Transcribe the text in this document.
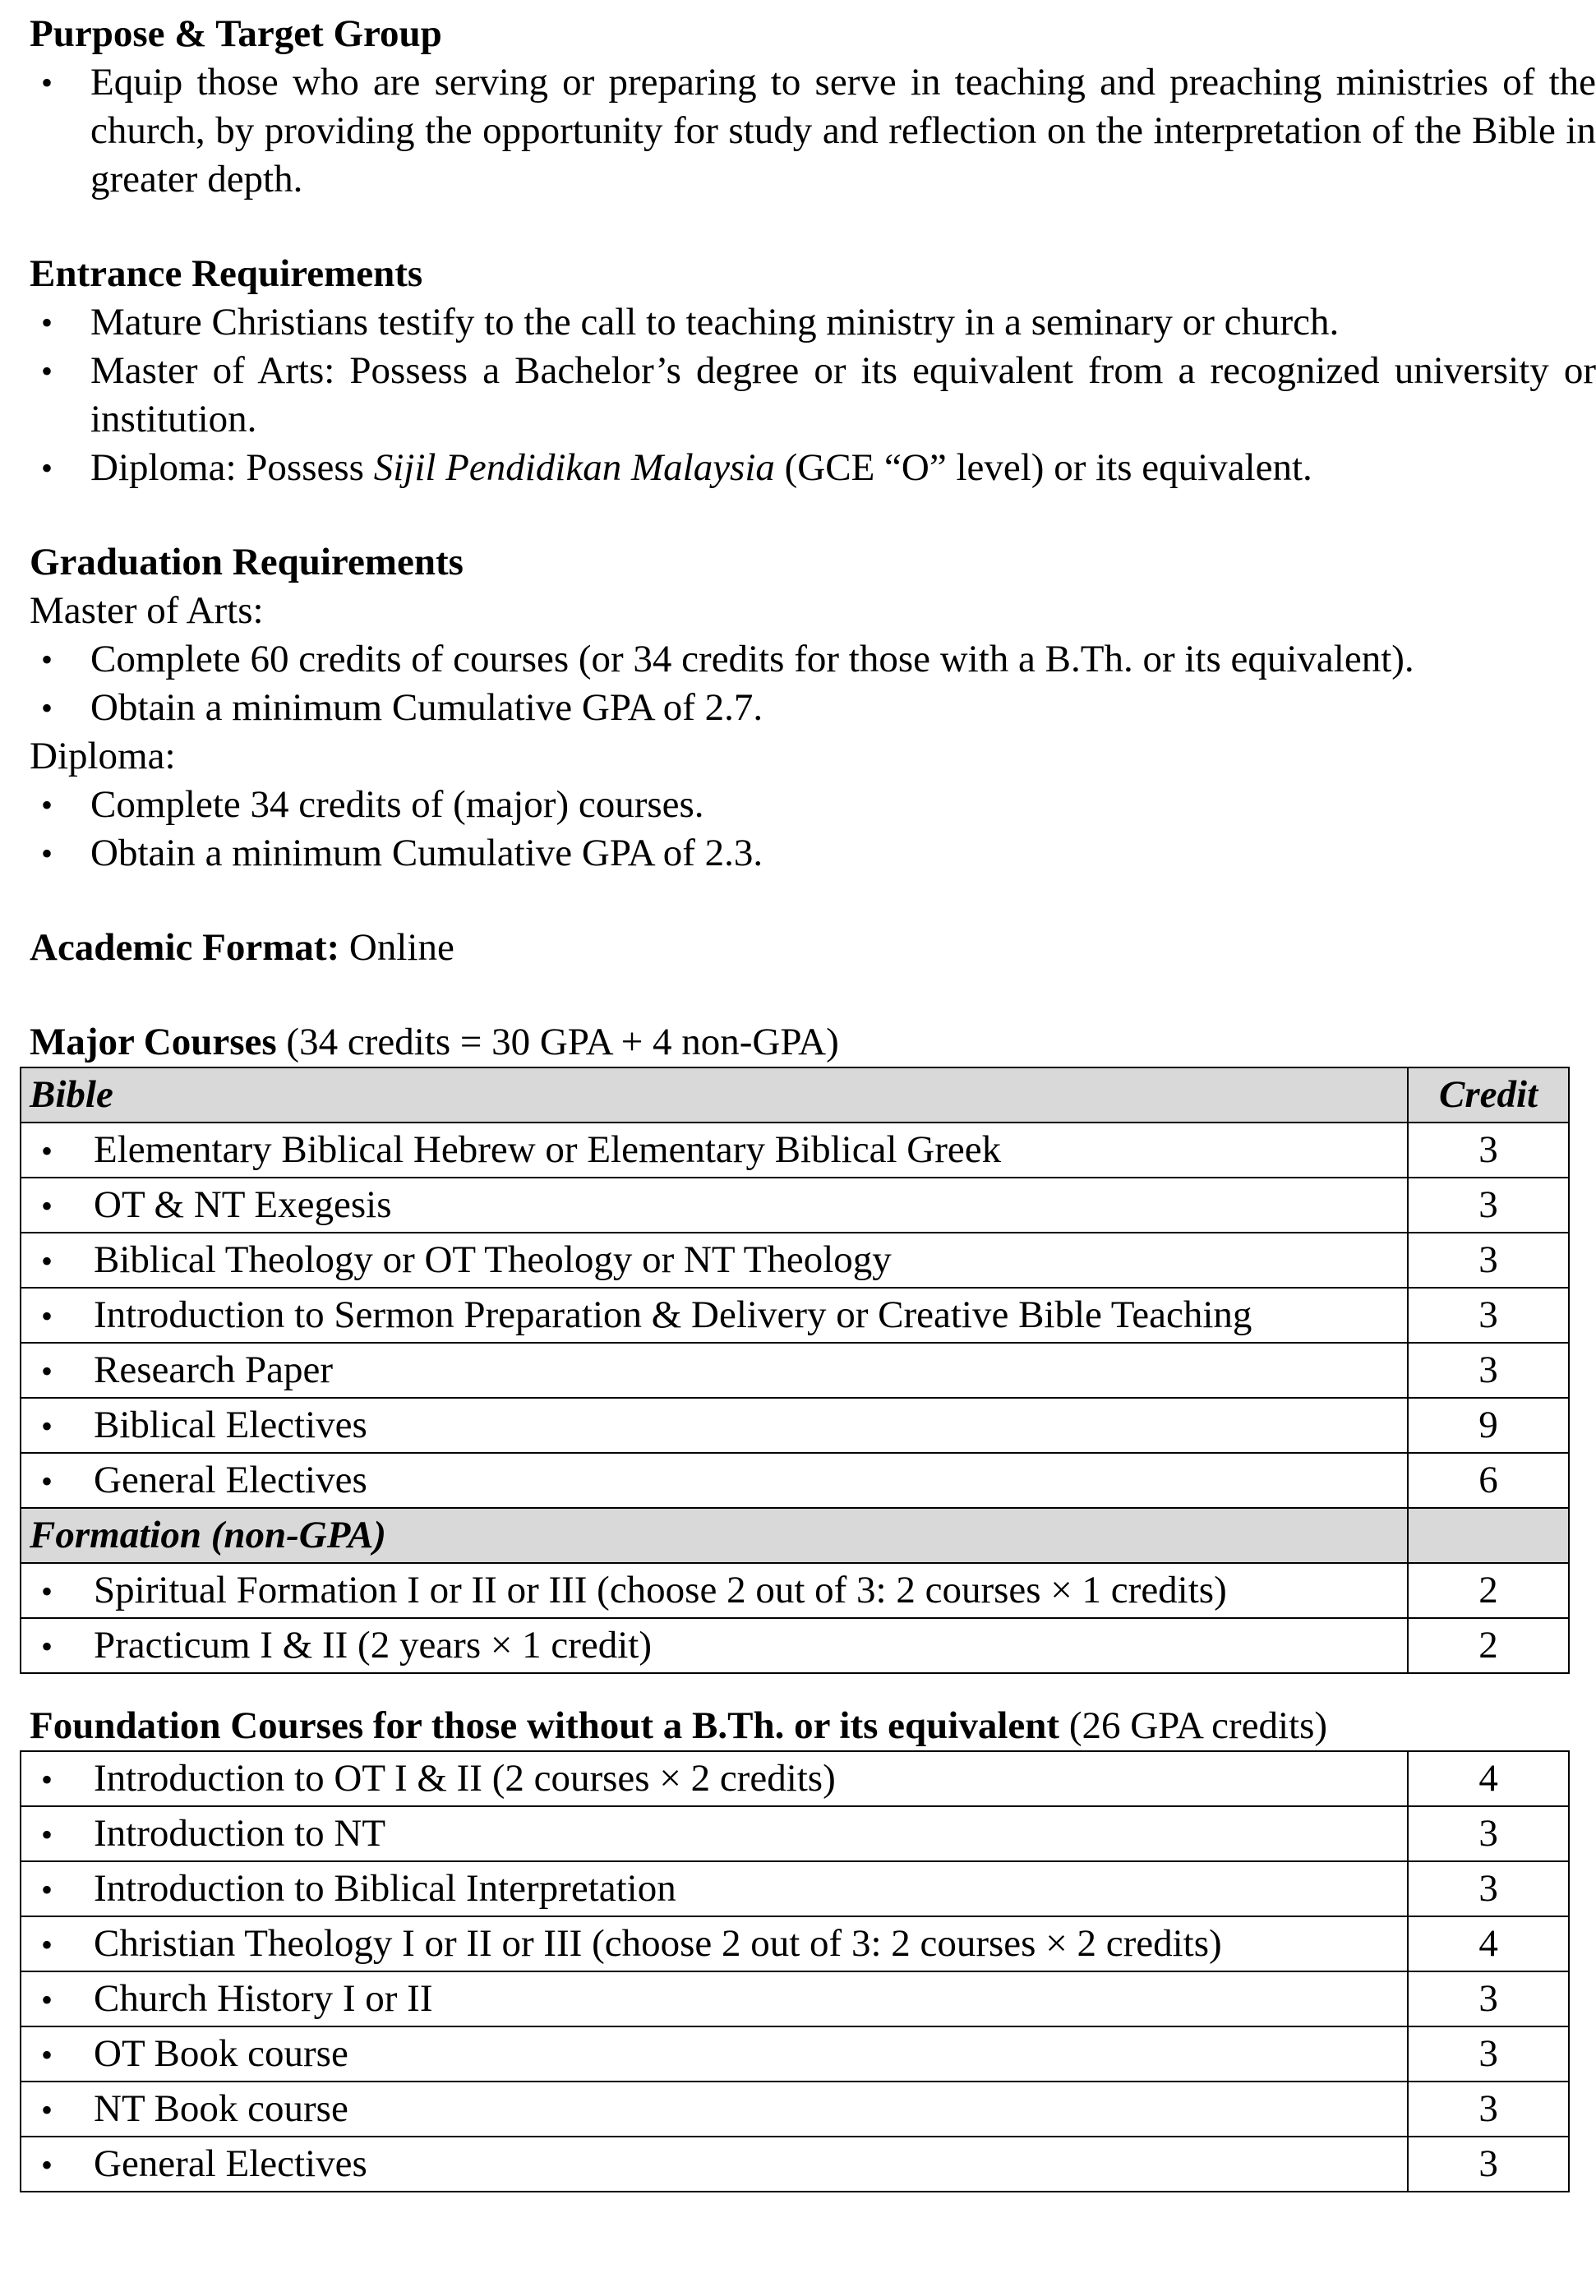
Purpose & Target Group

• Equip those who are serving or preparing to serve in teaching and preaching ministries of the church, by providing the opportunity for study and reflection on the interpretation of the Bible in greater depth.

Entrance Requirements

• Mature Christians testify to the call to teaching ministry in a seminary or church.
• Master of Arts: Possess a Bachelor’s degree or its equivalent from a recognized university or institution.
• Diploma: Possess Sijil Pendidikan Malaysia (GCE “O” level) or its equivalent.

Graduation Requirements

Master of Arts:

• Complete 60 credits of courses (or 34 credits for those with a B.Th. or its equivalent).
• Obtain a minimum Cumulative GPA of 2.7.

Diploma:

• Complete 34 credits of (major) courses.
• Obtain a minimum Cumulative GPA of 2.3.

Academic Format: Online

Major Courses (34 credits = 30 GPA + 4 non-GPA)

Bible	Credit
• Elementary Biblical Hebrew or Elementary Biblical Greek	3
• OT & NT Exegesis	3
• Biblical Theology or OT Theology or NT Theology	3
• Introduction to Sermon Preparation & Delivery or Creative Bible Teaching	3
• Research Paper	3
• Biblical Electives	9
• General Electives	6
Formation (non-GPA)	
• Spiritual Formation I or II or III (choose 2 out of 3: 2 courses × 1 credits)	2
• Practicum I & II (2 years × 1 credit)	2

Foundation Courses for those without a B.Th. or its equivalent (26 GPA credits)

• Introduction to OT I & II (2 courses × 2 credits)	4
• Introduction to NT	3
• Introduction to Biblical Interpretation	3
• Christian Theology I or II or III (choose 2 out of 3: 2 courses × 2 credits)	4
• Church History I or II	3
• OT Book course	3
• NT Book course	3
• General Electives	3
